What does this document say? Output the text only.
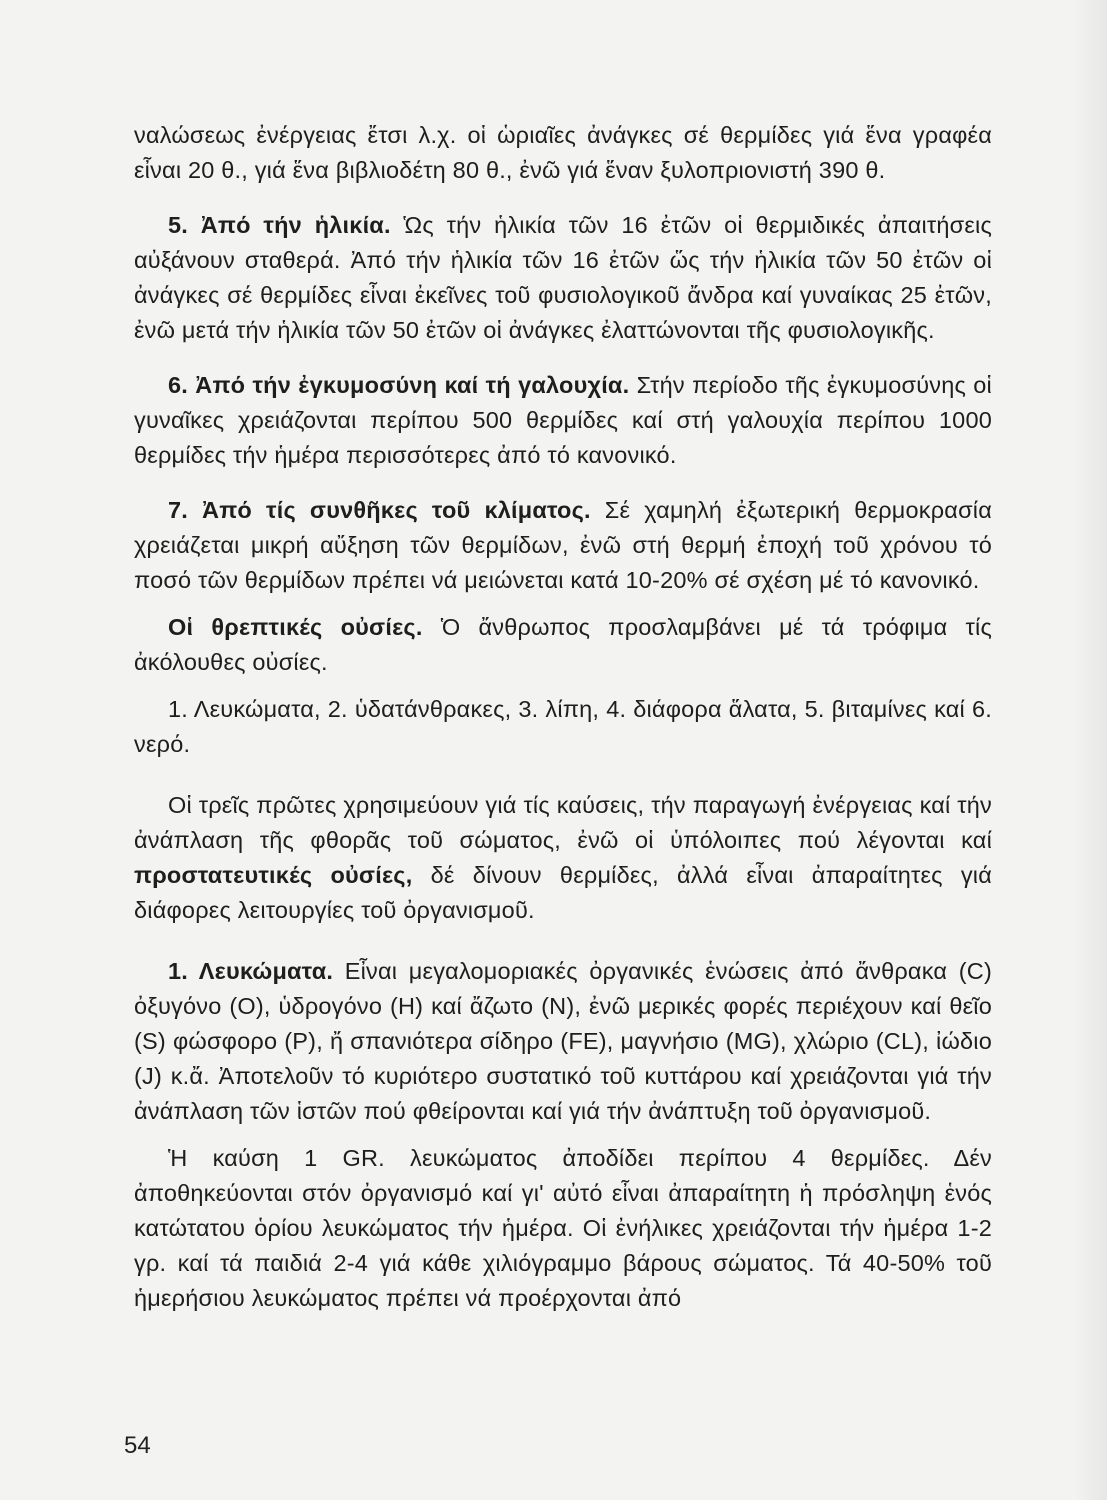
ναλώσεως ἐνέργειας ἔτσι λ.χ. οἱ ὡριαῖες ἀνάγκες σέ θερμίδες γιά ἕνα γραφέα εἶναι 20 θ., γιά ἕνα βιβλιοδέτη 80 θ., ἐνῶ γιά ἕναν ξυλοπριονιστή 390 θ.

5. Ἀπό τήν ἡλικία. Ὡς τήν ἡλικία τῶν 16 ἐτῶν οἱ θερμιδικές ἀπαιτήσεις αὐξάνουν σταθερά. Ἀπό τήν ἡλικία τῶν 16 ἐτῶν ὥς τήν ἡλικία τῶν 50 ἐτῶν οἱ ἀνάγκες σέ θερμίδες εἶναι ἐκεῖνες τοῦ φυσιολογικοῦ ἄνδρα καί γυναίκας 25 ἐτῶν, ἐνῶ μετά τήν ἡλικία τῶν 50 ἐτῶν οἱ ἀνάγκες ἐλαττώνονται τῆς φυσιολογικῆς.

6. Ἀπό τήν ἐγκυμοσύνη καί τή γαλουχία. Στήν περίοδο τῆς ἐγκυμοσύνης οἱ γυναῖκες χρειάζονται περίπου 500 θερμίδες καί στή γαλουχία περίπου 1000 θερμίδες τήν ἡμέρα περισσότερες ἀπό τό κανονικό.

7. Ἀπό τίς συνθῆκες τοῦ κλίματος. Σέ χαμηλή ἐξωτερική θερμοκρασία χρειάζεται μικρή αὔξηση τῶν θερμίδων, ἐνῶ στή θερμή ἐποχή τοῦ χρόνου τό ποσό τῶν θερμίδων πρέπει νά μειώνεται κατά 10-20% σέ σχέση μέ τό κανονικό.

Οἱ θρεπτικές οὐσίες. Ὁ ἄνθρωπος προσλαμβάνει μέ τά τρόφιμα τίς ἀκόλουθες οὐσίες.

1. Λευκώματα, 2. ὑδατάνθρακες, 3. λίπη, 4. διάφορα ἅλατα, 5. βιταμίνες καί 6. νερό.

Οἱ τρεῖς πρῶτες χρησιμεύουν γιά τίς καύσεις, τήν παραγωγή ἐνέργειας καί τήν ἀνάπλαση τῆς φθορᾶς τοῦ σώματος, ἐνῶ οἱ ὑπόλοιπες πού λέγονται καί προστατευτικές οὐσίες, δέ δίνουν θερμίδες, ἀλλά εἶναι ἀπαραίτητες γιά διάφορες λειτουργίες τοῦ ὀργανισμοῦ.

1. Λευκώματα. Εἶναι μεγαλομοριακές ὀργανικές ἑνώσεις ἀπό ἄνθρακα (C) ὀξυγόνο (O), ὑδρογόνο (H) καί ἄζωτο (N), ἐνῶ μερικές φορές περιέχουν καί θεῖο (S) φώσφορο (P), ἤ σπανιότερα σίδηρο (FE), μαγνήσιο (MG), χλώριο (CL), ἰώδιο (J) κ.ἄ. Ἀποτελοῦν τό κυριότερο συστατικό τοῦ κυττάρου καί χρειάζονται γιά τήν ἀνάπλαση τῶν ἱστῶν πού φθείρονται καί γιά τήν ἀνάπτυξη τοῦ ὀργανισμοῦ.

Ἡ καύση 1 GR. λευκώματος ἀποδίδει περίπου 4 θερμίδες. Δέν ἀποθηκεύονται στόν ὀργανισμό καί γι' αὐτό εἶναι ἀπαραίτητη ἡ πρόσληψη ἑνός κατώτατου ὁρίου λευκώματος τήν ἡμέρα. Οἱ ἐνήλικες χρειάζονται τήν ἡμέρα 1-2 γρ. καί τά παιδιά 2-4 γιά κάθε χιλιόγραμμο βάρους σώματος. Τά 40-50% τοῦ ἡμερήσιου λευκώματος πρέπει νά προέρχονται ἀπό

54
